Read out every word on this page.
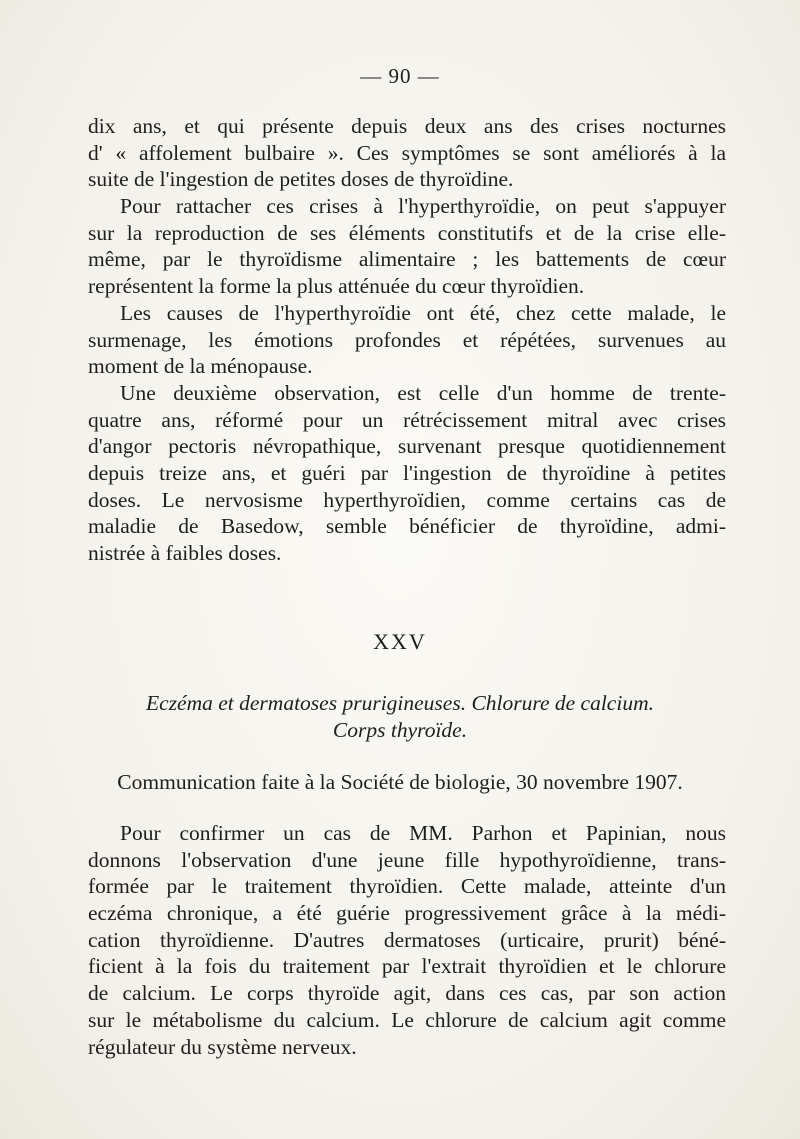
— 90 —
dix ans, et qui présente depuis deux ans des crises nocturnes
d' « affolement bulbaire ». Ces symptômes se sont améliorés à la
suite de l'ingestion de petites doses de thyroïdine.
Pour rattacher ces crises à l'hyperthyroïdie, on peut s'appuyer
sur la reproduction de ses éléments constitutifs et de la crise elle-
même, par le thyroïdisme alimentaire ; les battements de cœur
représentent la forme la plus atténuée du cœur thyroïdien.
Les causes de l'hyperthyroïdie ont été, chez cette malade, le
surmenage, les émotions profondes et répétées, survenues au
moment de la ménopause.
Une deuxième observation, est celle d'un homme de trente-
quatre ans, réformé pour un rétrécissement mitral avec crises
d'angor pectoris névropathique, survenant presque quotidiennement
depuis treize ans, et guéri par l'ingestion de thyroïdine à petites
doses. Le nervosisme hyperthyroïdien, comme certains cas de
maladie de Basedow, semble bénéficier de thyroïdine, admi-
nistrée à faibles doses.
XXV
Eczéma et dermatoses prurigineuses. Chlorure de calcium.
Corps thyroïde.
Communication faite à la Société de biologie, 30 novembre 1907.
Pour confirmer un cas de MM. Parhon et Papinian, nous
donnons l'observation d'une jeune fille hypothyroïdienne, trans-
formée par le traitement thyroïdien. Cette malade, atteinte d'un
eczéma chronique, a été guérie progressivement grâce à la médi-
cation thyroïdienne. D'autres dermatoses (urticaire, prurit) béné-
ficient à la fois du traitement par l'extrait thyroïdien et le chlorure
de calcium. Le corps thyroïde agit, dans ces cas, par son action
sur le métabolisme du calcium. Le chlorure de calcium agit comme
régulateur du système nerveux.
